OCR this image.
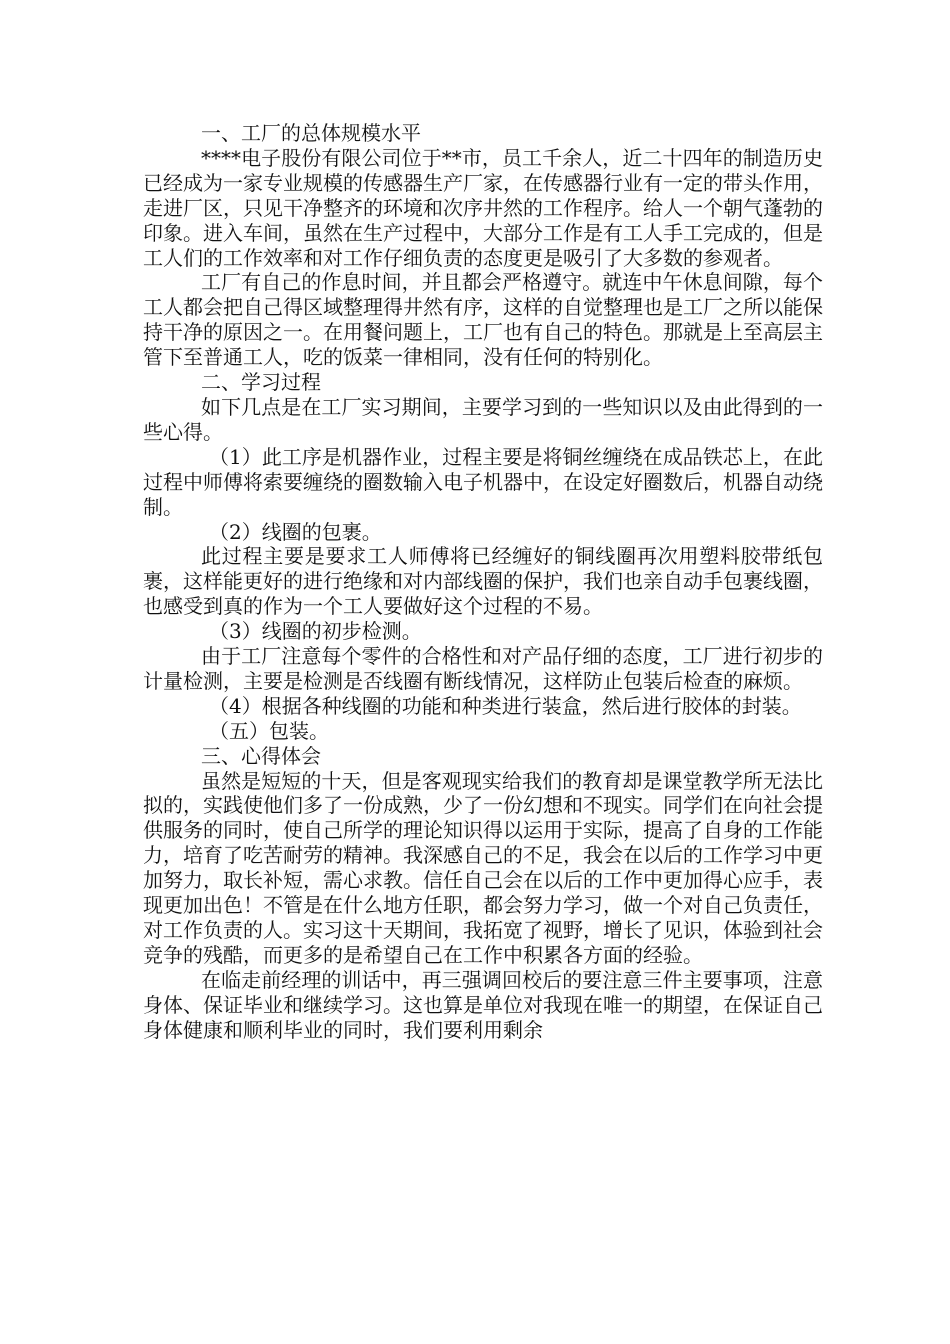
一、工厂的总体规模水平

****电子股份有限公司位于**市，员工千余人，近二十四年的制造历史已经成为一家专业规模的传感器生产厂家，在传感器行业有一定的带头作用，走进厂区，只见干净整齐的环境和次序井然的工作程序。给人一个朝气蓬勃的印象。进入车间，虽然在生产过程中，大部分工作是有工人手工完成的，但是工人们的工作效率和对工作仔细负责的态度更是吸引了大多数的参观者。

工厂有自己的作息时间，并且都会严格遵守。就连中午休息间隙，每个工人都会把自己得区域整理得井然有序，这样的自觉整理也是工厂之所以能保持干净的原因之一。在用餐问题上，工厂也有自己的特色。那就是上至高层主管下至普通工人，吃的饭菜一律相同，没有任何的特别化。

二、学习过程

如下几点是在工厂实习期间，主要学习到的一些知识以及由此得到的一些心得。

（1）此工序是机器作业，过程主要是将铜丝缠绕在成品铁芯上，在此过程中师傅将索要缠绕的圈数输入电子机器中，在设定好圈数后，机器自动绕制。

（2）线圈的包裹。

此过程主要是要求工人师傅将已经缠好的铜线圈再次用塑料胶带纸包裹，这样能更好的进行绝缘和对内部线圈的保护，我们也亲自动手包裹线圈，也感受到真的作为一个工人要做好这个过程的不易。

（3）线圈的初步检测。

由于工厂注意每个零件的合格性和对产品仔细的态度，工厂进行初步的计量检测，主要是检测是否线圈有断线情况，这样防止包装后检查的麻烦。

（4）根据各种线圈的功能和种类进行装盒，然后进行胶体的封装。

（五）包装。

三、心得体会

虽然是短短的十天，但是客观现实给我们的教育却是课堂教学所无法比拟的，实践使他们多了一份成熟，少了一份幻想和不现实。同学们在向社会提供服务的同时，使自己所学的理论知识得以运用于实际，提高了自身的工作能力，培育了吃苦耐劳的精神。我深感自己的不足，我会在以后的工作学习中更加努力，取长补短，需心求教。信任自己会在以后的工作中更加得心应手，表现更加出色！不管是在什么地方任职，都会努力学习，做一个对自己负责任，对工作负责的人。实习这十天期间，我拓宽了视野，增长了见识，体验到社会竞争的残酷，而更多的是希望自己在工作中积累各方面的经验。

在临走前经理的训话中，再三强调回校后的要注意三件主要事项，注意身体、保证毕业和继续学习。这也算是单位对我现在唯一的期望，在保证自己身体健康和顺利毕业的同时，我们要利用剩余
